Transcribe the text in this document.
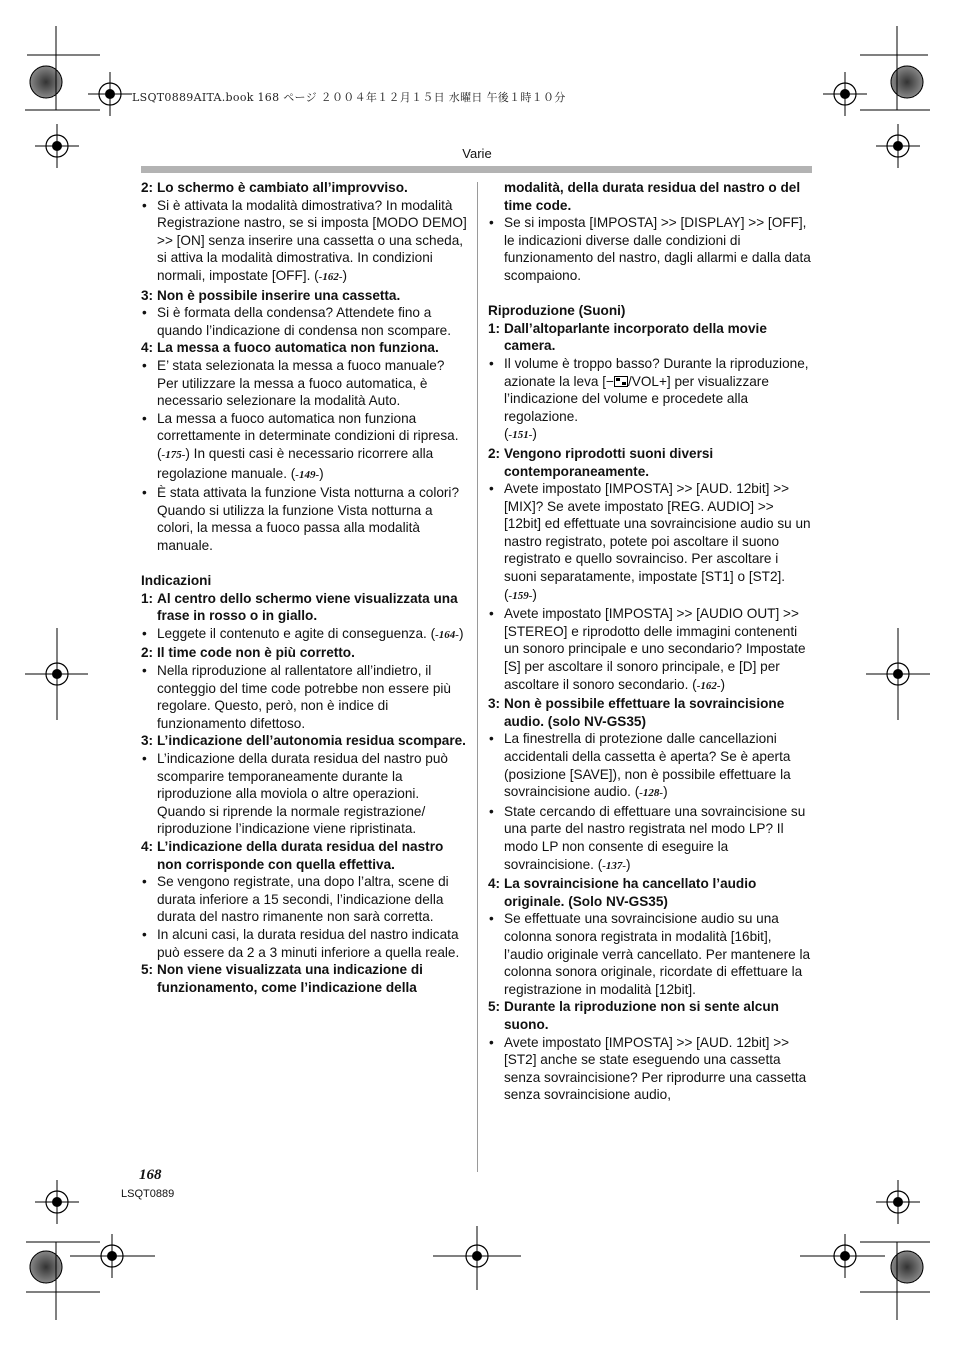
LSQT0889AITA.book 168 ページ ２００４年１２月１５日 水曜日 午後１時１０分
Varie
2: Lo schermo è cambiato all’improvviso.
• Si è attivata la modalità dimostrativa? In modalità Registrazione nastro, se si imposta [MODO DEMO] >> [ON] senza inserire una cassetta o una scheda, si attiva la modalità dimostrativa. In condizioni normali, impostate [OFF]. (-162-)
3: Non è possibile inserire una cassetta.
• Si è formata della condensa? Attendete fino a quando l’indicazione di condensa non scompare.
4: La messa a fuoco automatica non funziona.
• E’ stata selezionata la messa a fuoco manuale? Per utilizzare la messa a fuoco automatica, è necessario selezionare la modalità Auto.
• La messa a fuoco automatica non funziona correttamente in determinate condizioni di ripresa. (-175-) In questi casi è necessario ricorrere alla regolazione manuale. (-149-)
• È stata attivata la funzione Vista notturna a colori? Quando si utilizza la funzione Vista notturna a colori, la messa a fuoco passa alla modalità manuale.
Indicazioni
1: Al centro dello schermo viene visualizzata una frase in rosso o in giallo.
• Leggete il contenuto e agite di conseguenza. (-164-)
2: Il time code non è più corretto.
• Nella riproduzione al rallentatore all’indietro, il conteggio del time code potrebbe non essere più regolare. Questo, però, non è indice di funzionamento difettoso.
3: L’indicazione dell’autonomia residua scompare.
• L’indicazione della durata residua del nastro può scomparire temporaneamente durante la riproduzione alla moviola o altre operazioni. Quando si riprende la normale registrazione/ riproduzione l’indicazione viene ripristinata.
4: L’indicazione della durata residua del nastro non corrisponde con quella effettiva.
• Se vengono registrate, una dopo l’altra, scene di durata inferiore a 15 secondi, l’indicazione della durata del nastro rimanente non sarà corretta.
• In alcuni casi, la durata residua del nastro indicata può essere da 2 a 3 minuti inferiore a quella reale.
5: Non viene visualizzata una indicazione di funzionamento, come l’indicazione della
modalità, della durata residua del nastro o del time code.
• Se si imposta [IMPOSTA] >> [DISPLAY] >> [OFF], le indicazioni diverse dalle condizioni di funzionamento del nastro, dagli allarmi e dalla data scompaiono.
Riproduzione (Suoni)
1: Dall’altoparlante incorporato della movie camera.
• Il volume è troppo basso? Durante la riproduzione, azionate la leva [− /VOL+] per visualizzare l’indicazione del volume e procedete alla regolazione.
(-151-)
2: Vengono riprodotti suoni diversi contemporaneamente.
• Avete impostato [IMPOSTA] >> [AUD. 12bit] >> [MIX]? Se avete impostato [REG. AUDIO] >> [12bit] ed effettuate una sovraincisione audio su un nastro registrato, potete poi ascoltare il suono registrato e quello sovrainciso. Per ascoltare i suoni separatamente, impostate [ST1] o [ST2]. (-159-)
• Avete impostato [IMPOSTA] >> [AUDIO OUT] >> [STEREO] e riprodotto delle immagini contenenti un sonoro principale e uno secondario? Impostate [S] per ascoltare il sonoro principale, e [D] per ascoltare il sonoro secondario. (-162-)
3: Non è possibile effettuare la sovraincisione audio. (solo NV-GS35)
• La finestrella di protezione dalle cancellazioni accidentali della cassetta è aperta? Se è aperta (posizione [SAVE]), non è possibile effettuare la sovraincisione audio. (-128-)
• State cercando di effettuare una sovraincisione su una parte del nastro registrata nel modo LP? Il modo LP non consente di eseguire la sovraincisione. (-137-)
4: La sovraincisione ha cancellato l’audio originale. (Solo NV-GS35)
• Se effettuate una sovraincisione audio su una colonna sonora registrata in modalità [16bit], l’audio originale verrà cancellato. Per mantenere la colonna sonora originale, ricordate di effettuare la registrazione in modalità [12bit].
5: Durante la riproduzione non si sente alcun suono.
• Avete impostato [IMPOSTA] >> [AUD. 12bit] >> [ST2] anche se state eseguendo una cassetta senza sovraincisione? Per riprodurre una cassetta senza sovraincisione audio,
168
LSQT0889
